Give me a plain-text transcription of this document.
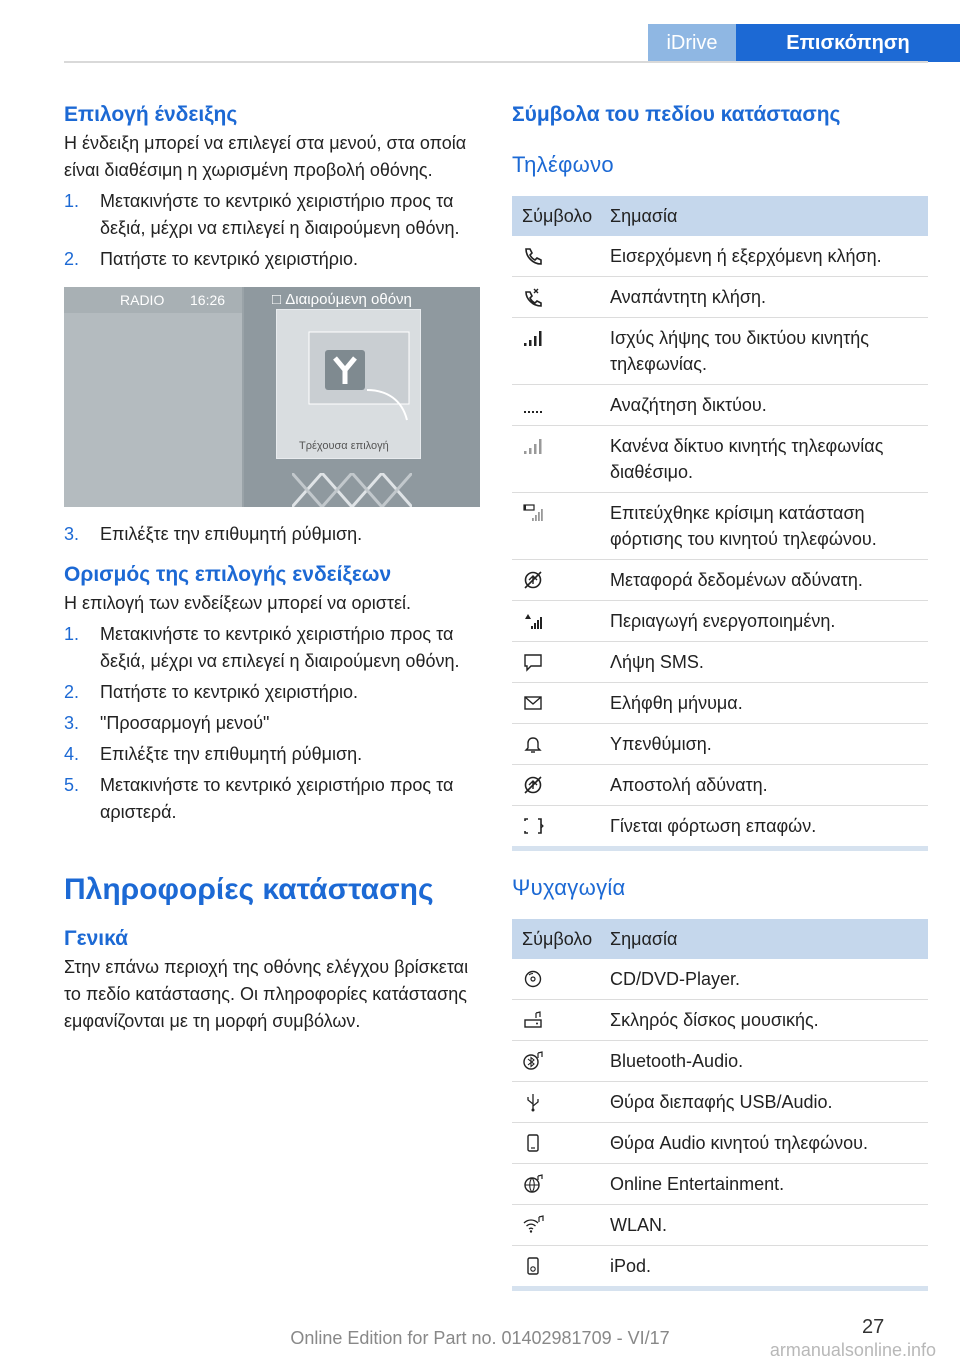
iDrive	Επισκόπηση
Επιλογή ένδειξης

Η ένδειξη μπορεί να επιλεγεί στα μενού, στα οποία είναι διαθέσιμη η χωρισμένη προβολή οθόνης.

1. Μετακινήστε το κεντρικό χειριστήριο προς τα δεξιά, μέχρι να επιλεγεί η διαιρούμενη οθόνη.
2. Πατήστε το κεντρικό χειριστήριο.
RADIO 16:26	□ Διαιρούμενη οθόνη
Τρέχουσα επιλογή
3. Επιλέξτε την επιθυμητή ρύθμιση.
Ορισμός της επιλογής ενδείξεων

Η επιλογή των ενδείξεων μπορεί να οριστεί.

1. Μετακινήστε το κεντρικό χειριστήριο προς τα δεξιά, μέχρι να επιλεγεί η διαιρούμενη οθόνη.
2. Πατήστε το κεντρικό χειριστήριο.
3. "Προσαρμογή μενού"
4. Επιλέξτε την επιθυμητή ρύθμιση.
5. Μετακινήστε το κεντρικό χειριστήριο προς τα αριστερά.
Πληροφορίες κατάστασης
Γενικά

Στην επάνω περιοχή της οθόνης ελέγχου βρίσκεται το πεδίο κατάστασης. Οι πληροφορίες κατάστασης εμφανίζονται με τη μορφή συμβόλων.

Σύμβολα του πεδίου κατάστασης
Τηλέφωνο
Σύμβολο Σημασία
Εισερχόμενη ή εξερχόμενη κλήση.
Αναπάντητη κλήση.
Ισχύς λήψης του δικτύου κινητής τηλεφωνίας.
Αναζήτηση δικτύου.
Κανένα δίκτυο κινητής τηλεφωνίας διαθέσιμο.
Επιτεύχθηκε κρίσιμη κατάσταση φόρτισης του κινητού τηλεφώνου.
Μεταφορά δεδομένων αδύνατη.
Περιαγωγή ενεργοποιημένη.
Λήψη SMS.
Ελήφθη μήνυμα.
Υπενθύμιση.
Αποστολή αδύνατη.
Γίνεται φόρτωση επαφών.
Ψυχαγωγία
Σύμβολο Σημασία
CD/DVD-Player.
Σκληρός δίσκος μουσικής.
Bluetooth-Audio.
Θύρα διεπαφής USB/Audio.
Θύρα Audio κινητού τηλεφώνου.
Online Entertainment.
WLAN.
iPod.
27
Online Edition for Part no. 01402981709 - VI/17
armanualsonline.info
